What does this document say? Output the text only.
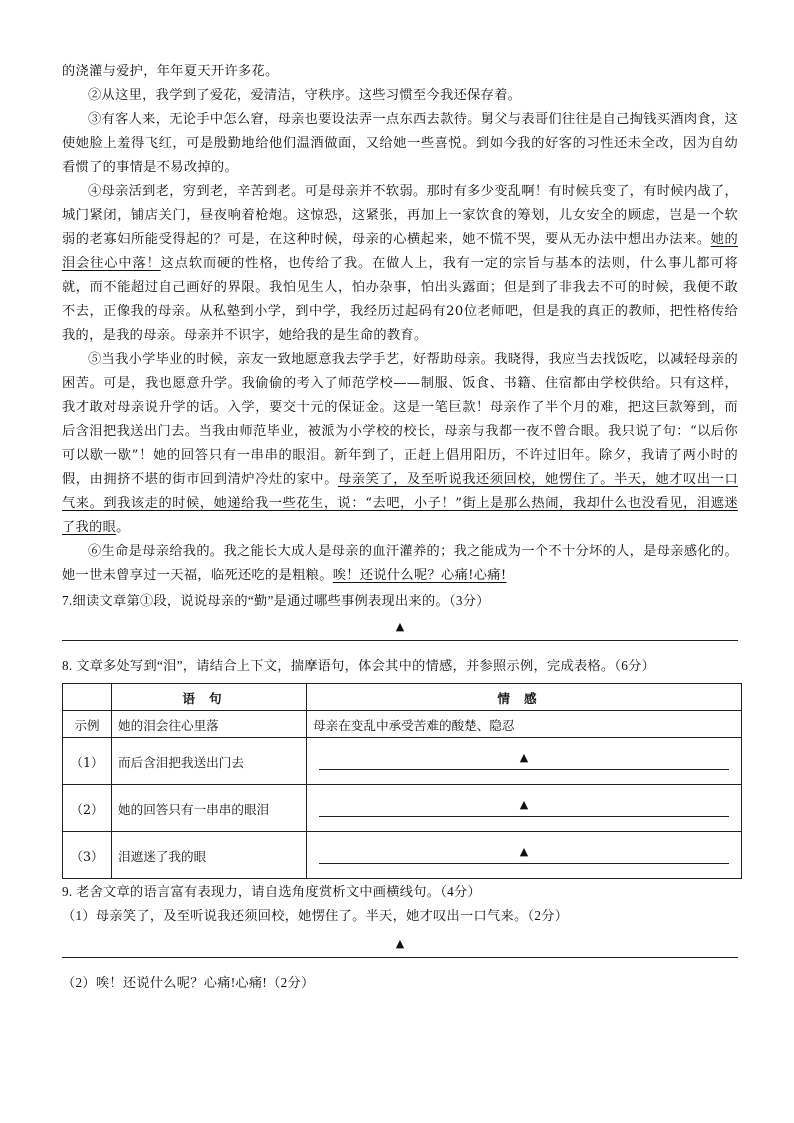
的浇灌与爱护，年年夏天开许多花。

②从这里，我学到了爱花，爱清洁，守秩序。这些习惯至今我还保存着。

③有客人来，无论手中怎么窘，母亲也要设法弄一点东西去款待。舅父与表哥们往往是自己掏钱买酒肉食，这使她脸上羞得飞红，可是殷勤地给他们温酒做面，又给她一些喜悦。到如今我的好客的习性还未全改，因为自幼看惯了的事情是不易改掉的。

④母亲活到老，穷到老，辛苦到老。可是母亲并不软弱。那时有多少变乱啊！有时候兵变了，有时候内战了，城门紧闭，铺店关门，昼夜响着枪炮。这惊恐，这紧张，再加上一家饮食的筹划，儿女安全的顾虑，岂是一个软弱的老寡妇所能受得起的？可是，在这种时候，母亲的心横起来，她不慌不哭，要从无办法中想出办法来。她的泪会往心中落！这点软而硬的性格，也传给了我。在做人上，我有一定的宗旨与基本的法则，什么事儿都可将就，而不能超过自己画好的界限。我怕见生人，怕办杂事，怕出头露面；但是到了非我去不可的时候，我便不敢不去，正像我的母亲。从私塾到小学，到中学，我经历过起码有20位老师吧，但是我的真正的教师，把性格传给我的，是我的母亲。母亲并不识字，她给我的是生命的教育。

⑤当我小学毕业的时候，亲友一致地愿意我去学手艺，好帮助母亲。我晓得，我应当去找饭吃，以减轻母亲的困苦。可是，我也愿意升学。我偷偷的考入了师范学校——制服、饭食、书籍、住宿都由学校供给。只有这样，我才敢对母亲说升学的话。入学，要交十元的保证金。这是一笔巨款！母亲作了半个月的难，把这巨款筹到，而后含泪把我送出门去。当我由师范毕业，被派为小学校的校长，母亲与我都一夜不曾合眼。我只说了句：“以后你可以歇一歇”！她的回答只有一串串的眼泪。新年到了，正赶上倡用阳历，不许过旧年。除夕，我请了两小时的假，由拥挤不堪的街市回到清炉冷灶的家中。母亲笑了，及至听说我还须回校，她愣住了。半天，她才叹出一口气来。到我该走的时候，她递给我一些花生，说：“去吧，小子！”街上是那么热闹，我却什么也没看见，泪遮迷了我的眼。

⑥生命是母亲给我的。我之能长大成人是母亲的血汗灌养的；我之能成为一个不十分坏的人，是母亲感化的。她一世未曾享过一天福，临死还吃的是粗粮。唉！还说什么呢？心痛!心痛!

7.细读文章第①段，说说母亲的“勤”是通过哪些事例表现出来的。（3分）

▲

8. 文章多处写到“泪”，请结合上下文，揣摩语句，体会其中的情感，并参照示例，完成表格。（6分）

	语句	情感
示例	她的泪会往心里落	母亲在变乱中承受苦难的酸楚、隐忍
（1）	而后含泪把我送出门去	▲

（2）	她的回答只有一串串的眼泪	▲

（3）	泪遮迷了我的眼	▲

9. 老舍文章的语言富有表现力，请自选角度赏析文中画横线句。（4分）

（1）母亲笑了，及至听说我还须回校，她愣住了。半天，她才叹出一口气来。（2分）

▲

（2）唉！还说什么呢？心痛!心痛!（2分）
